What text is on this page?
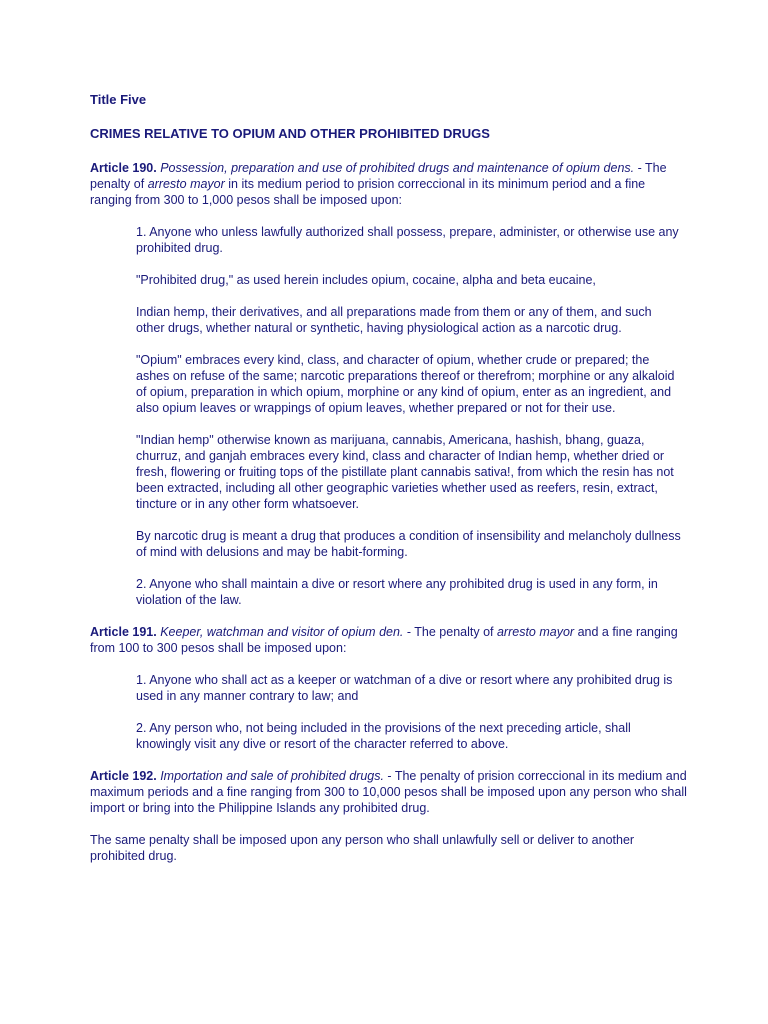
Title Five
CRIMES RELATIVE TO OPIUM AND OTHER PROHIBITED DRUGS

Article 190. Possession, preparation and use of prohibited drugs and maintenance of opium dens. - The penalty of arresto mayor in its medium period to prision correccional in its minimum period and a fine ranging from 300 to 1,000 pesos shall be imposed upon:

1. Anyone who unless lawfully authorized shall possess, prepare, administer, or otherwise use any prohibited drug.

"Prohibited drug," as used herein includes opium, cocaine, alpha and beta eucaine,

Indian hemp, their derivatives, and all preparations made from them or any of them, and such other drugs, whether natural or synthetic, having physiological action as a narcotic drug.

"Opium" embraces every kind, class, and character of opium, whether crude or prepared; the ashes on refuse of the same; narcotic preparations thereof or therefrom; morphine or any alkaloid of opium, preparation in which opium, morphine or any kind of opium, enter as an ingredient, and also opium leaves or wrappings of opium leaves, whether prepared or not for their use.

"Indian hemp" otherwise known as marijuana, cannabis, Americana, hashish, bhang, guaza, churruz, and ganjah embraces every kind, class and character of Indian hemp, whether dried or fresh, flowering or fruiting tops of the pistillate plant cannabis sativa!, from which the resin has not been extracted, including all other geographic varieties whether used as reefers, resin, extract, tincture or in any other form whatsoever.

By narcotic drug is meant a drug that produces a condition of insensibility and melancholy dullness of mind with delusions and may be habit-forming.

2. Anyone who shall maintain a dive or resort where any prohibited drug is used in any form, in violation of the law.

Article 191. Keeper, watchman and visitor of opium den. - The penalty of arresto mayor and a fine ranging from 100 to 300 pesos shall be imposed upon:

1. Anyone who shall act as a keeper or watchman of a dive or resort where any prohibited drug is used in any manner contrary to law; and

2. Any person who, not being included in the provisions of the next preceding article, shall knowingly visit any dive or resort of the character referred to above.

Article 192. Importation and sale of prohibited drugs. - The penalty of prision correccional in its medium and maximum periods and a fine ranging from 300 to 10,000 pesos shall be imposed upon any person who shall import or bring into the Philippine Islands any prohibited drug.

The same penalty shall be imposed upon any person who shall unlawfully sell or deliver to another prohibited drug.
